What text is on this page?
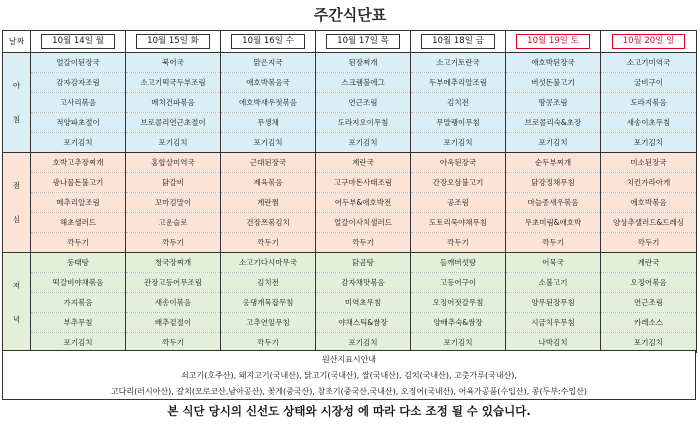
주간식단표
날짜	10월 14일 월	10월 15일 화	10월 16일 수	10월 17일 목	10월 18일 금	10월 19일 토	10월 20일 일

아
침	얼갈이된장국	북어국	맑은지국	된장찌개	소고기토란국	애호박된장국	소고기미역국
	감자감자조림	소고기떡국두부조림	애호박볶음국	스크램블에그	두부메추리알조림	버섯돈불고기	굴비구이
	고사리볶음	메치건파볶음	에호박새우젓볶음	연근조림	김치전	땅콩조림	도라지볶음
	적양파초절이	브로콜리연근초절이	무생채	도라지오이무침	무말랭이무침	브로콜리숙&초장	새송이초무침
	포기김치	포기김치	포기김치	포기김치	포기김치	포기김치	포기김치

점
심	호박고추장찌개	홍합살미역국	근대된장국	계란국	아욱된장국	순두부찌개	미소된장국
	광나물돈불고기	닭갈비	제육볶음	고구마돈사태조림	간장오삼불고기	닭강정채무침	치킨가라아게
	메추리알조림	꼬마김말이	계란찜	어두부&애호박전	공조림	마늘종새우볶음	에호박볶음
	해초샐러드	고운슬로	건장쯔볶김치	얼갈이사치샐러드	도토리묵야채무침	무초미림&애호박	양상추샐러드&드레싱
	깍두기	깍두기	깍두기	깍두기	깍두기	깍두기	깍두기

저
녁	동태탕	청국장찌개	소고기다시마무국	닭곰탕	들깨버섯탕	어묵국	계란국
	떡갈비야채볶음	관장고등어무조림	김치전	감자채맛볶음	고등어구이	소불고기	오징어볶음
	가지볶음	새송이볶음	옹댕개묵잡무침	미역초무침	오징어젓갈무침	양무된장무침	연근조림
	부추무침	배추겉절이	고추연잎무침	야채스틱&쌈장	양배추숙&쌈장	시금치우무침	카레소스
	포기김치	깍두기	깍두기	포기김치	포기김치	나박김치	포기김치
원산지표시안내
쇠고기(호주산), 돼지고기(국내산), 닭고기(국내산), 쌀(국내산), 김치(국내산), 고춧가루(국내산),
고다리(러시아산), 갈치(모로코산,남아공산), 꽃게(중국산), 참조기(중국산,국내산), 오징어(국내산), 어육가공품(수입산), 콩(두부:수입산)
본 식단 당시의 신선도 상태와 시장성 에 따라 다소 조정 될 수 있습니다.
